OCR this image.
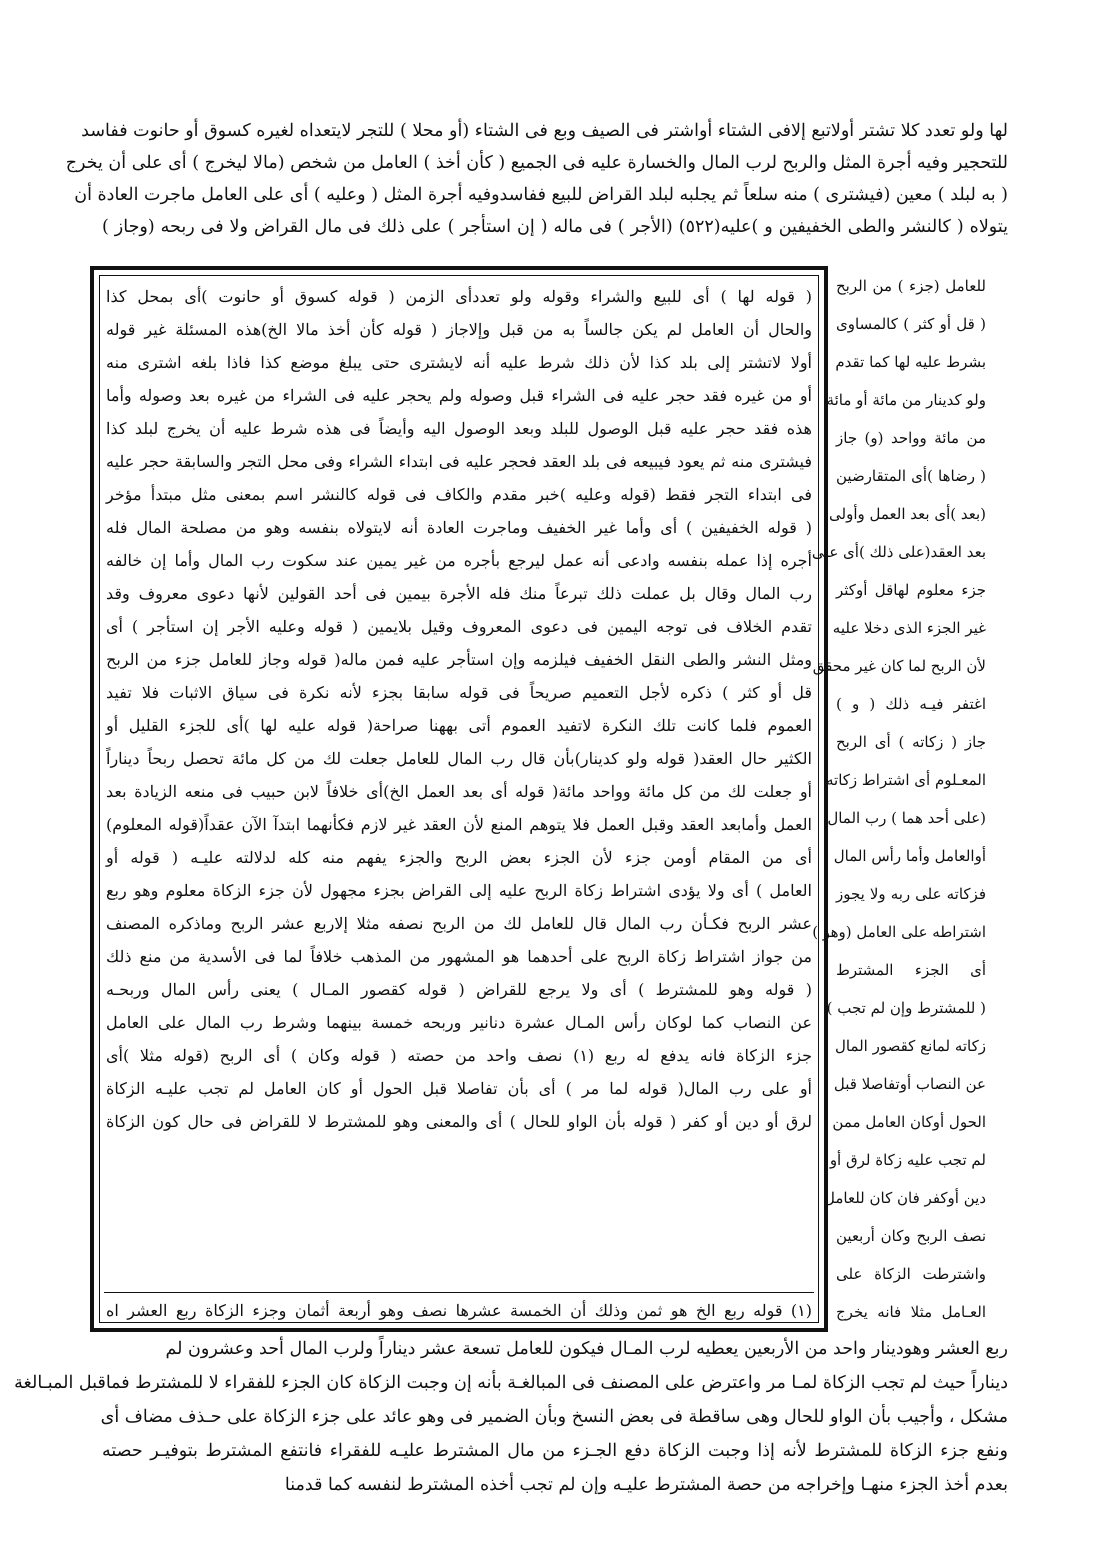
لها ولو تعدد كلا تشتر أولاتبع إلافى الشتاء أواشتر فى الصيف وبع فى الشتاء (أو محلا ) للتجر لايتعداه لغيره كسوق أو حانوت ففاسد
للتحجير وفيه أجرة المثل والربح لرب المال والخسارة عليه فى الجميع ( كأن أخذ ) العامل من شخص (مالا ليخرج ) أى على أن يخرج
( به لبلد ) معين (فيشترى ) منه سلعاً ثم يجلبه لبلد القراض للبيع ففاسدوفيه أجرة المثل ( وعليه ) أى على العامل ماجرت العادة أن
يتولاه ( كالنشر والطى الخفيفين و )عليه(٥٢٢) (الأجر ) فى ماله ( إن استأجر ) على ذلك فى مال القراض ولا فى ربحه (وجاز )
للعامل (جزء ) من الربح
( قل أو كثر ) كالمساوى
بشرط عليه لها كما تقدم
ولو كدينار من مائة أو مائة
من مائة وواحد (و) جاز
( رضاها )أى المتقارضين
(بعد )أى بعد العمل وأولى
بعد العقد(على ذلك )أى على
جزء معلوم لهاقل أوكثر
غير الجزء الذى دخلا عليه
لأن الربح لما كان غير محقق
اغتفر فيـه ذلك ( و )
جاز ( زكاته ) أى الربح
المعـلوم أى اشتراط زكاته
(على أحد هما ) رب المال
أوالعامل وأما رأس المال
فزكاته على ربه ولا يجوز
اشتراطه على العامل (وهو )
أى الجزء المشترط
( للمشترط وإن لم تجب )
زكاته لمانع كقصور المال
عن النصاب أوتفاصلا قبل
الحول أوكان العامل ممن
لم تجب عليه زكاة لرق أو
دين أوكفر فان كان للعامل
نصف الربح وكان أربعين
واشترطت الزكاة على
العـامل مثلا فانه يخرج
( قوله لها ) أى للبيع والشراء وقوله ولو تعددأى الزمن ( قوله كسوق أو حانوت )أى بمحل كذا
والحال أن العامل لم يكن جالساً به من قبل وإلاجاز ( قوله كأن أخذ مالا الخ)هذه المسئلة غير قوله
أولا لاتشتر إلى بلد كذا لأن ذلك شرط عليه أنه لايشترى حتى يبلغ موضع كذا فاذا بلغه اشترى منه
أو من غيره فقد حجر عليه فى الشراء قبل وصوله ولم يحجر عليه فى الشراء من غيره بعد وصوله وأما
هذه فقد حجر عليه قبل الوصول للبلد وبعد الوصول اليه وأيضاً فى هذه شرط عليه أن يخرج لبلد كذا
فيشترى منه ثم يعود فيبيعه فى بلد العقد فحجر عليه فى ابتداء الشراء وفى محل التجر والسابقة حجر عليه
فى ابتداء التجر فقط (قوله وعليه )خبر مقدم والكاف فى قوله كالنشر اسم بمعنى مثل مبتدأ مؤخر
( قوله الخفيفين ) أى وأما غير الخفيف وماجرت العادة أنه لايتولاه بنفسه وهو من مصلحة المال فله
أجره إذا عمله بنفسه وادعى أنه عمل ليرجع بأجره من غير يمين عند سكوت رب المال وأما إن خالفه
رب المال وقال بل عملت ذلك تبرعاً منك فله الأجرة بيمين فى أحد القولين لأنها دعوى معروف وقد
تقدم الخلاف فى توجه اليمين فى دعوى المعروف وقيل بلايمين ( قوله وعليه الأجر إن استأجر ) أى
ومثل النشر والطى النقل الخفيف فيلزمه وإن استأجر عليه فمن ماله( قوله وجاز للعامل جزء من الربح
قل أو كثر ) ذكره لأجل التعميم صريحاً فى قوله سابقا بجزء لأنه نكرة فى سياق الاثبات فلا تفيد
العموم فلما كانت تلك النكرة لاتفيد العموم أتى بههنا صراحة( قوله عليه لها )أى للجزء القليل أو
الكثير حال العقد( قوله ولو كدينار)بأن قال رب المال للعامل جعلت لك من كل مائة تحصل ربحاً ديناراً
أو جعلت لك من كل مائة وواحد مائة( قوله أى بعد العمل الخ)أى خلافاً لابن حبيب فى منعه الزيادة بعد
العمل وأمابعد العقد وقبل العمل فلا يتوهم المنع لأن العقد غير لازم فكأنهما ابتدآ الآن عقداً(قوله المعلوم)
أى من المقام أومن جزء لأن الجزء بعض الربح والجزء يفهم منه كله لدلالته عليـه ( قوله أو
العامل ) أى ولا يؤدى اشتراط زكاة الربح عليه إلى القراض بجزء مجهول لأن جزء الزكاة معلوم وهو ربع
عشر الربح فكـأن رب المال قال للعامل لك من الربح نصفه مثلا إلاربع عشر الربح وماذكره المصنف
من جواز اشتراط زكاة الربح على أحدهما هو المشهور من المذهب خلافاً لما فى الأسدية من منع ذلك
( قوله وهو للمشترط ) أى ولا يرجع للقراض ( قوله كقصور المـال ) يعنى رأس المال وربحـه
عن النصاب كما لوكان رأس المـال عشرة دنانير وربحه خمسة بينهما وشرط رب المال على العامل
جزء الزكاة فانه يدفع له ربع (١) نصف واحد من حصته ( قوله وكان ) أى الربح (قوله مثلا )أى
أو على رب المال( قوله لما مر ) أى بأن تفاصلا قبل الحول أو كان العامل لم تجب عليـه الزكاة
لرق أو دين أو كفر ( قوله بأن الواو للحال ) أى والمعنى وهو للمشترط لا للقراض فى حال كون الزكاة
(١) قوله ربع الخ هو ثمن وذلك أن الخمسة عشرها نصف وهو أربعة أثمان وجزء الزكاة ربع العشر اه
ربع العشر وهودينار واحد من الأربعين يعطيه لرب المـال فيكون للعامل تسعة عشر ديناراً ولرب المال أحد وعشرون لم
ديناراً حيث لم تجب الزكاة لمـا مر واعترض على المصنف فى المبالغـة بأنه إن وجبت الزكاة كان الجزء للفقراء لا للمشترط فماقبل المبـالغة
مشكل ، وأجيب بأن الواو للحال وهى ساقطة فى بعض النسخ وبأن الضمير فى وهو عائد على جزء الزكاة على حـذف مضاف أى
ونفع جزء الزكاة للمشترط لأنه إذا وجبت الزكاة دفع الجـزء من مال المشترط عليـه للفقراء فانتفع المشترط بتوفيـر حصته
بعدم أخذ الجزء منهـا وإخراجه من حصة المشترط عليـه وإن لم تجب أخذه المشترط لنفسه كما قدمنا
